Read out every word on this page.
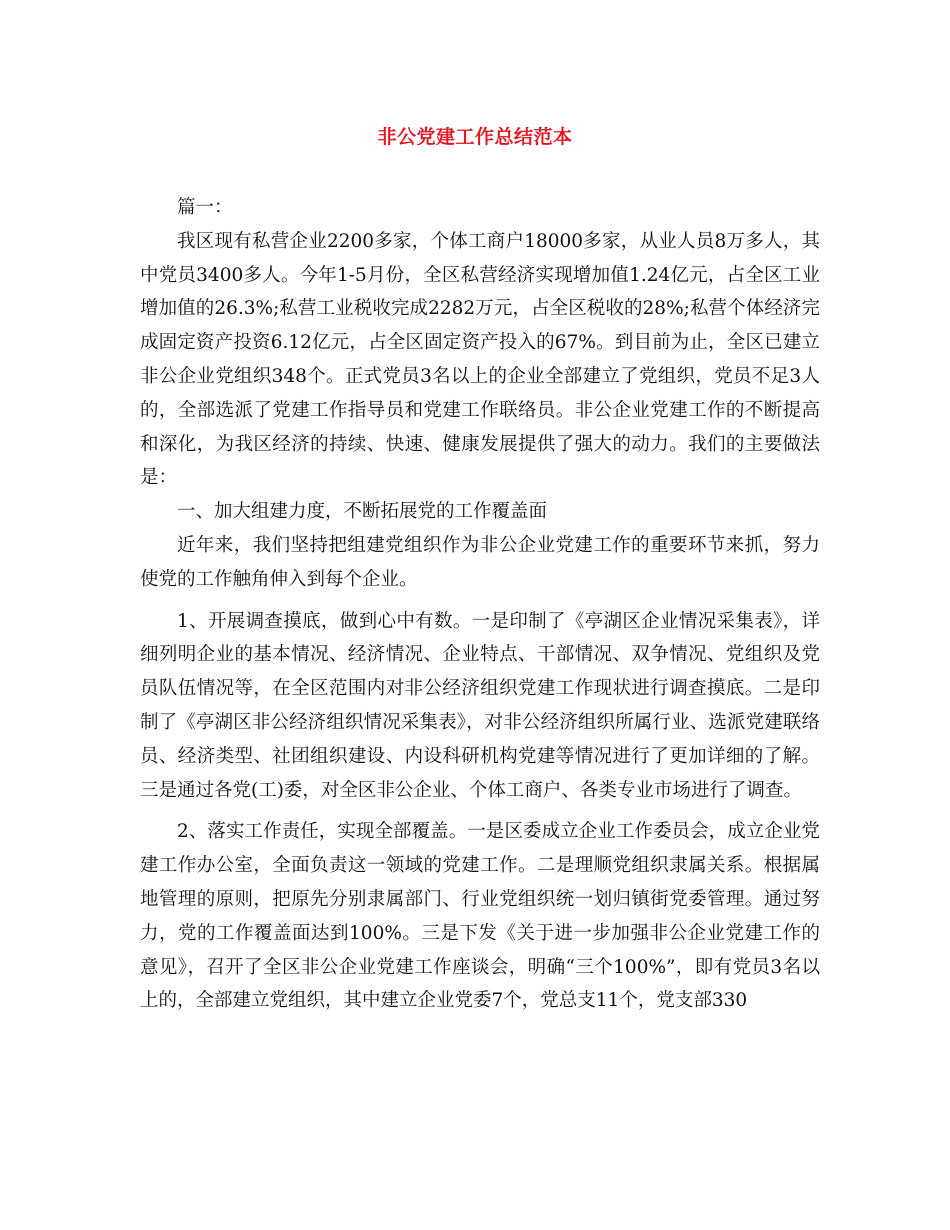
非公党建工作总结范本

篇一：

我区现有私营企业2200多家，个体工商户18000多家，从业人员8万多人，其中党员3400多人。今年1-5月份，全区私营经济实现增加值1.24亿元，占全区工业增加值的26.3%;私营工业税收完成2282万元，占全区税收的28%;私营个体经济完成固定资产投资6.12亿元，占全区固定资产投入的67%。到目前为止，全区已建立非公企业党组织348个。正式党员3名以上的企业全部建立了党组织，党员不足3人的，全部选派了党建工作指导员和党建工作联络员。非公企业党建工作的不断提高和深化，为我区经济的持续、快速、健康发展提供了强大的动力。我们的主要做法是：

一、加大组建力度，不断拓展党的工作覆盖面

近年来，我们坚持把组建党组织作为非公企业党建工作的重要环节来抓，努力使党的工作触角伸入到每个企业。

1、开展调查摸底，做到心中有数。一是印制了《亭湖区企业情况采集表》，详细列明企业的基本情况、经济情况、企业特点、干部情况、双争情况、党组织及党员队伍情况等，在全区范围内对非公经济组织党建工作现状进行调查摸底。二是印制了《亭湖区非公经济组织情况采集表》，对非公经济组织所属行业、选派党建联络员、经济类型、社团组织建设、内设科研机构党建等情况进行了更加详细的了解。三是通过各党(工)委，对全区非公企业、个体工商户、各类专业市场进行了调查。

2、落实工作责任，实现全部覆盖。一是区委成立企业工作委员会，成立企业党建工作办公室，全面负责这一领域的党建工作。二是理顺党组织隶属关系。根据属地管理的原则，把原先分别隶属部门、行业党组织统一划归镇街党委管理。通过努力，党的工作覆盖面达到100%。三是下发《关于进一步加强非公企业党建工作的意见》，召开了全区非公企业党建工作座谈会，明确“三个100%”，即有党员3名以上的，全部建立党组织，其中建立企业党委7个，党总支11个，党支部330
